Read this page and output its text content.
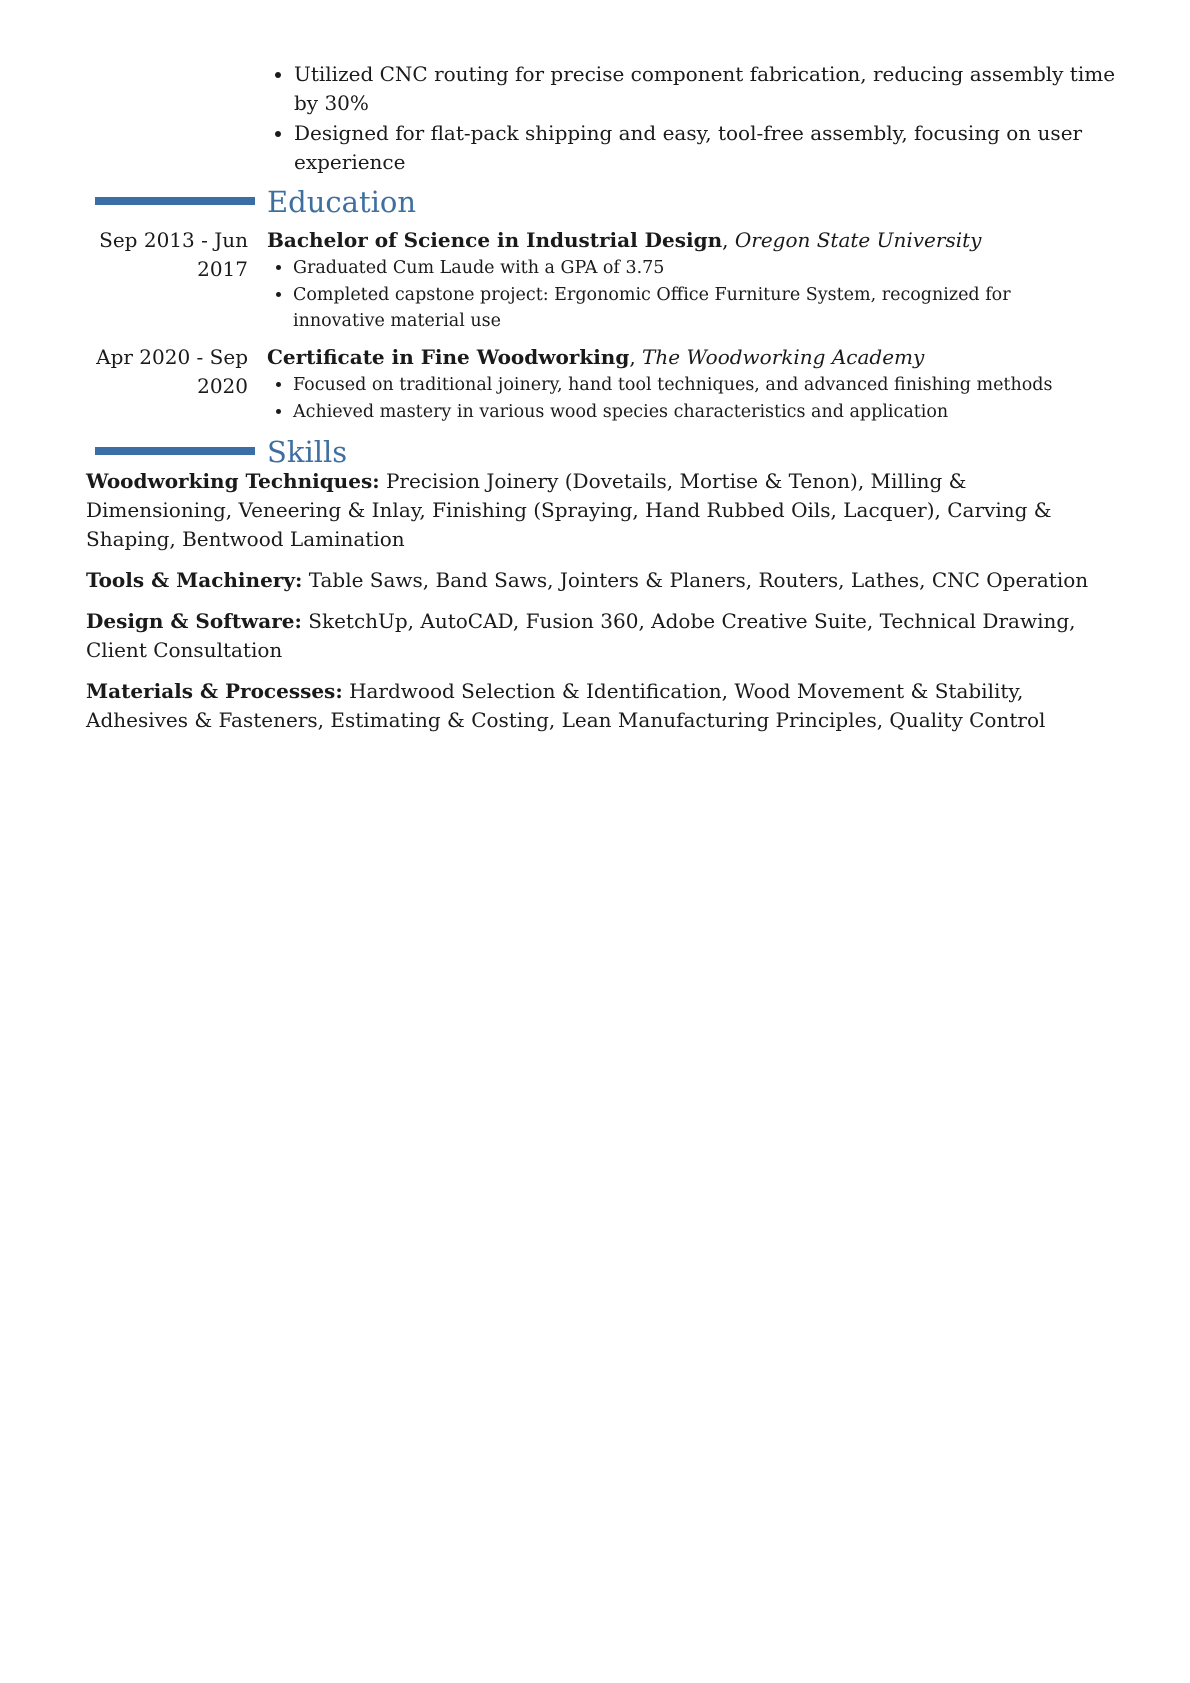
• Utilized CNC routing for precise component fabrication, reducing assembly time by 30%
• Designed for flat-pack shipping and easy, tool-free assembly, focusing on user experience
Education
Sep 2013 - Jun 2017
Bachelor of Science in Industrial Design, Oregon State University
• Graduated Cum Laude with a GPA of 3.75
• Completed capstone project: Ergonomic Office Furniture System, recognized for innovative material use
Apr 2020 - Sep 2020
Certificate in Fine Woodworking, The Woodworking Academy
• Focused on traditional joinery, hand tool techniques, and advanced finishing methods
• Achieved mastery in various wood species characteristics and application
Skills
Woodworking Techniques: Precision Joinery (Dovetails, Mortise & Tenon), Milling & Dimensioning, Veneering & Inlay, Finishing (Spraying, Hand Rubbed Oils, Lacquer), Carving & Shaping, Bentwood Lamination
Tools & Machinery: Table Saws, Band Saws, Jointers & Planers, Routers, Lathes, CNC Operation
Design & Software: SketchUp, AutoCAD, Fusion 360, Adobe Creative Suite, Technical Drawing, Client Consultation
Materials & Processes: Hardwood Selection & Identification, Wood Movement & Stability, Adhesives & Fasteners, Estimating & Costing, Lean Manufacturing Principles, Quality Control
